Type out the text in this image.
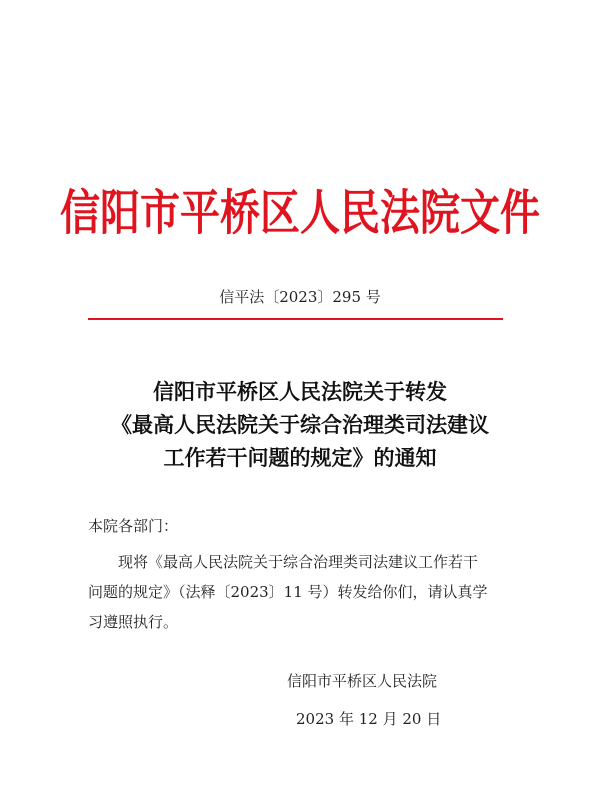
信阳市平桥区人民法院文件
信平法〔2023〕295 号
信阳市平桥区人民法院关于转发
《最高人民法院关于综合治理类司法建议
工作若干问题的规定》的通知
本院各部门：
现将《最高人民法院关于综合治理类司法建议工作若干
问题的规定》（法释〔2023〕11 号）转发给你们，请认真学
习遵照执行。
信阳市平桥区人民法院
2023 年 12 月 20 日
